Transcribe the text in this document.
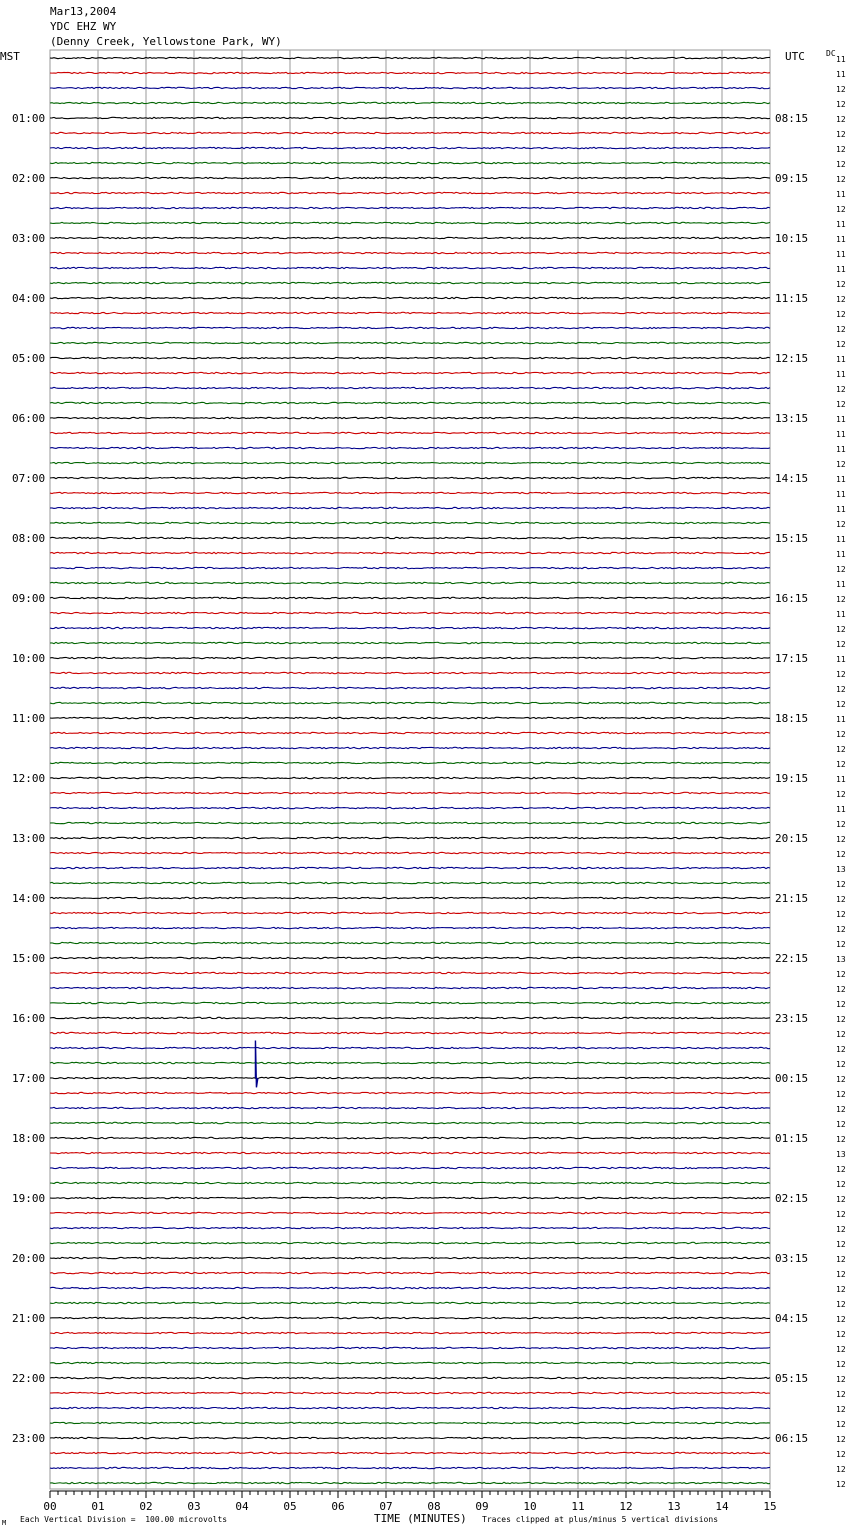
Mar13,2004
YDC EHZ WY
(Denny Creek, Yellowstone Park, WY)
MST	UTC	DC
01:00
02:00
03:00
04:00
05:00
06:00
07:00
08:00
09:00
10:00
11:00
12:00
13:00
14:00
15:00
16:00
17:00
18:00
19:00
20:00
21:00
22:00
23:00
08:15
09:15
10:15
11:15
12:15
13:15
14:15
15:15
16:15
17:15
18:15
19:15
20:15
21:15
22:15
23:15
00:15
01:15
02:15
03:15
04:15
05:15
06:15
11
11
12
12
12
12
12
12
12
11
12
11
11
11
11
12
12
12
12
12
11
11
12
12
11
11
11
12
11
11
11
12
11
11
12
11
12
11
12
12
11
12
12
12
11
12
12
12
11
12
11
12
12
12
13
12
12
12
12
12
13
12
12
12
12
12
12
12
12
12
12
12
12
13
12
12
12
12
12
12
12
12
12
12
12
12
12
12
12
12
12
12
12
12
12
12
00	01	02	03	04	05	06	07	08	09	10	11	12	13	14	15
M Each Vertical Division =  100.00 microvolts	TIME (MINUTES) Traces clipped at plus/minus 5 vertical divisions
